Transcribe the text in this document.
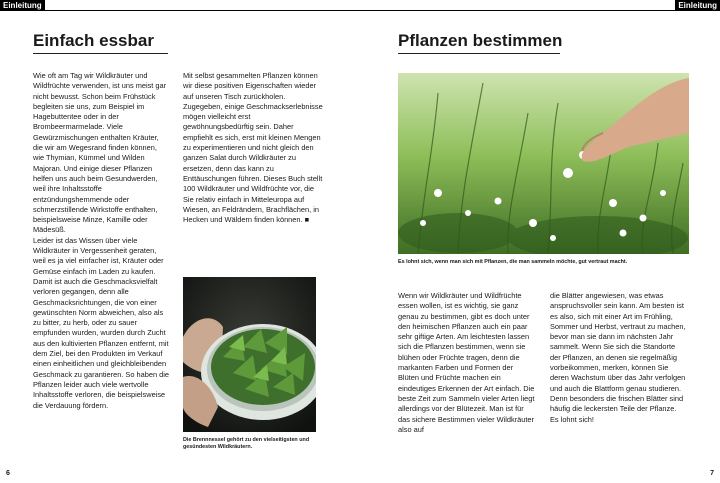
Einleitung
Einfach essbar

Wie oft am Tag wir Wildkräuter und Wildfrüchte verwenden, ist uns meist gar nicht bewusst. Schon beim Frühstück begleiten sie uns, zum Beispiel im Hagebuttentee oder in der Brombeermarmelade. Viele Gewürzmischungen enthalten Kräuter, die wir am Wegesrand finden können, wie Thymian, Kümmel und Wilden Majoran. Und einige dieser Pflanzen helfen uns auch beim Gesundwerden, weil ihre Inhaltsstoffe entzündungshemmende oder schmerzstillende Wirkstoffe enthalten, beispielsweise Minze, Kamille oder Mädesüß.

Leider ist das Wissen über viele Wildkräuter in Vergessenheit geraten, weil es ja viel einfacher ist, Kräuter oder Gemüse einfach im Laden zu kaufen. Damit ist auch die Geschmacksvielfalt verloren gegangen, denn alle Geschmacksrichtungen, die von einer gewünschten Norm abweichen, also als zu bitter, zu herb, oder zu sauer empfunden wurden, wurden durch Zucht aus den kultivierten Pflanzen entfernt, mit dem Ziel, bei den Produkten im Verkauf einen einheitlichen und gleichbleibenden Geschmack zu garantieren. So haben die Pflanzen leider auch viele wertvolle Inhaltsstoffe verloren, die beispielsweise die Verdauung fördern.

Mit selbst gesammelten Pflanzen können wir diese positiven Eigenschaften wieder auf unseren Tisch zurückholen. Zugegeben, einige Geschmackserlebnisse mögen vielleicht erst gewöhnungsbedürftig sein. Daher empfiehlt es sich, erst mit kleinen Mengen zu experimentieren und nicht gleich den ganzen Salat durch Wildkräuter zu ersetzen, denn das kann zu Enttäuschungen führen. Dieses Buch stellt 100 Wildkräuter und Wildfrüchte vor, die Sie relativ einfach in Mitteleuropa auf Wiesen, an Feldrändern, Brachflächen, in Hecken und Wäldern finden können. ■

Die Brennnessel gehört zu den vielseitigsten und gesündesten Wildkräutern.
6
Einleitung
Pflanzen bestimmen
Es lohnt sich, wenn man sich mit Pflanzen, die man sammeln möchte, gut vertraut macht.

Wenn wir Wildkräuter und Wildfrüchte essen wollen, ist es wichtig, sie ganz genau zu bestimmen, gibt es doch unter den heimischen Pflanzen auch ein paar sehr giftige Arten. Am leichtesten lassen sich die Pflanzen bestimmen, wenn sie blühen oder Früchte tragen, denn die markanten Farben und Formen der Blüten und Früchte machen ein eindeutiges Erkennen der Art einfach. Die beste Zeit zum Sammeln vieler Arten liegt allerdings vor der Blütezeit. Man ist für das sichere Bestimmen vieler Wildkräuter also auf

die Blätter angewiesen, was etwas anspruchsvoller sein kann. Am besten ist es also, sich mit einer Art im Frühling, Sommer und Herbst, vertraut zu machen, bevor man sie dann im nächsten Jahr sammelt. Wenn Sie sich die Standorte der Pflanzen, an denen sie regelmäßig vorbeikommen, merken, können Sie deren Wachstum über das Jahr verfolgen und auch die Blattform genau studieren. Denn besonders die frischen Blätter sind häufig die leckersten Teile der Pflanze. Es lohnt sich!

7
